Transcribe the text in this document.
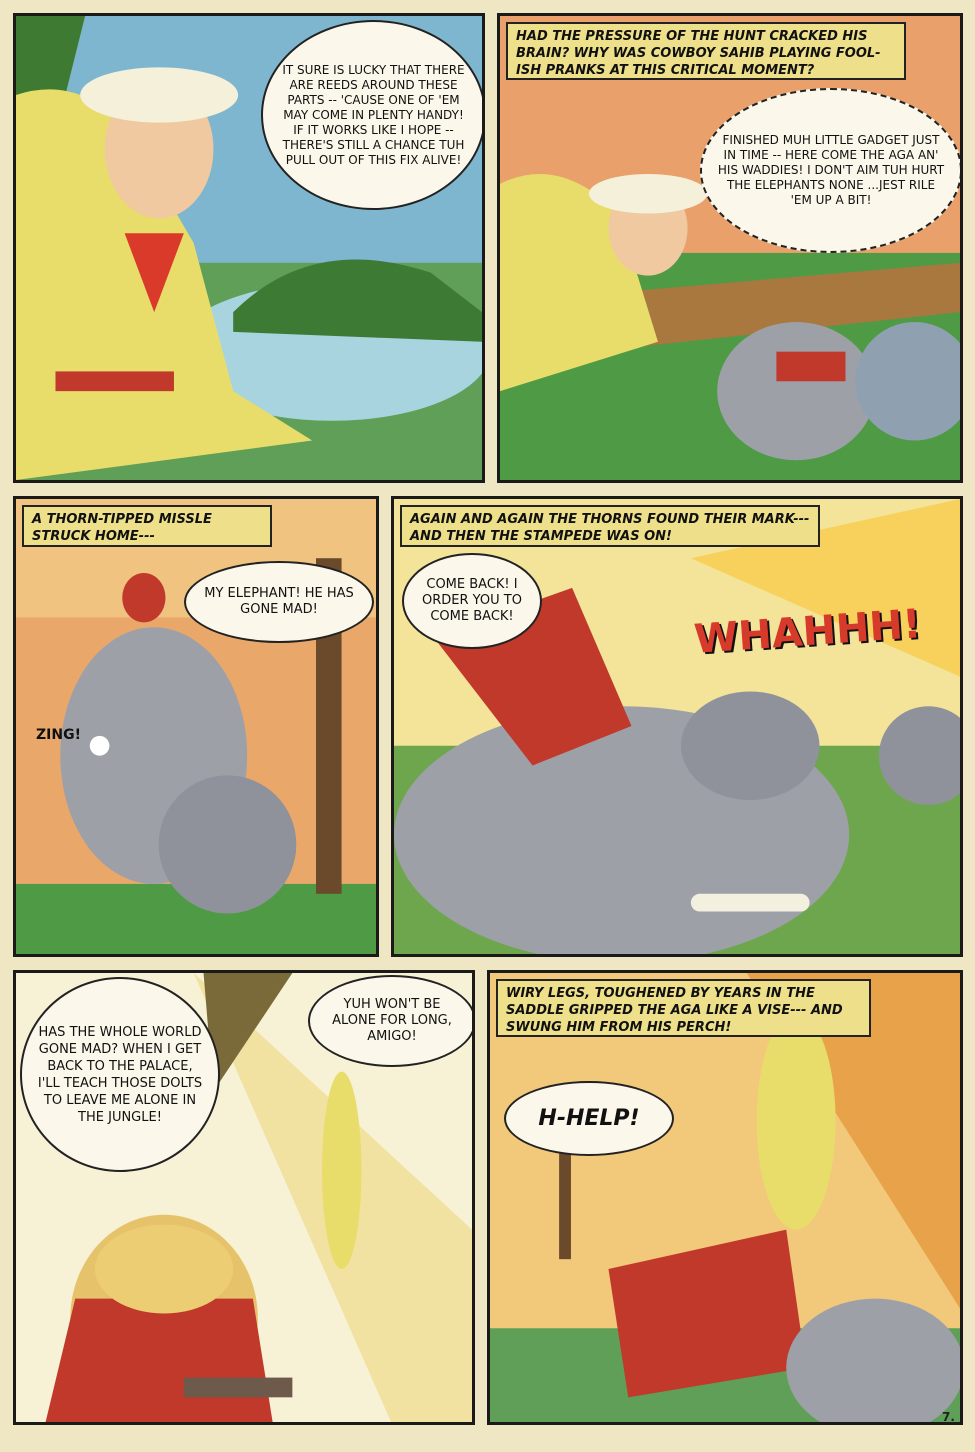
IT SURE IS LUCKY THAT THERE ARE REEDS AROUND THESE PARTS -- 'CAUSE ONE OF 'EM MAY COME IN PLENTY HANDY! IF IT WORKS LIKE I HOPE -- THERE'S STILL A CHANCE TUH PULL OUT OF THIS FIX ALIVE!
HAD THE PRESSURE OF THE HUNT CRACKED HIS BRAIN? WHY WAS COWBOY SAHIB PLAYING FOOL-ISH PRANKS AT THIS CRITICAL MOMENT?
FINISHED MUH LITTLE GADGET JUST IN TIME -- HERE COME THE AGA AN' HIS WADDIES! I DON'T AIM TUH HURT THE ELEPHANTS NONE ...JEST RILE 'EM UP A BIT!
A THORN-TIPPED MISSLE STRUCK HOME---
MY ELEPHANT! HE HAS GONE MAD!
ZING!
AGAIN AND AGAIN THE THORNS FOUND THEIR MARK---AND THEN THE STAMPEDE WAS ON!
COME BACK! I ORDER YOU TO COME BACK!	WHAHHH!
HAS THE WHOLE WORLD GONE MAD? WHEN I GET BACK TO THE PALACE, I'LL TEACH THOSE DOLTS TO LEAVE ME ALONE IN THE JUNGLE!
YUH WON'T BE ALONE FOR LONG, AMIGO!
WIRY LEGS, TOUGHENED BY YEARS IN THE SADDLE GRIPPED THE AGA LIKE A VISE--- AND SWUNG HIM FROM HIS PERCH!
H-HELP!
7.
